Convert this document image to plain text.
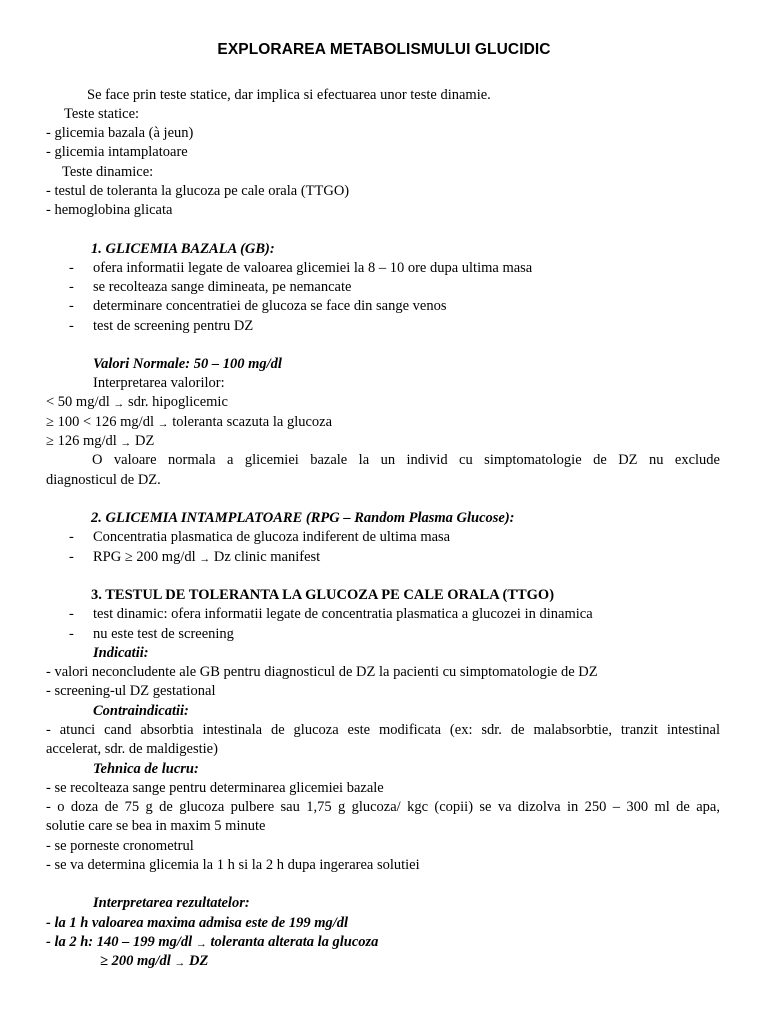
EXPLORAREA METABOLISMULUI GLUCIDIC
Se face prin teste statice, dar implica si efectuarea unor teste dinamie.
Teste statice:
- glicemia bazala (à jeun)
- glicemia intamplatoare
Teste dinamice:
- testul de toleranta la glucoza pe cale orala (TTGO)
- hemoglobina glicata
1. GLICEMIA BAZALA (GB):
- ofera informatii legate de valoarea glicemiei la 8 – 10 ore dupa ultima masa
- se recolteaza sange dimineata, pe nemancate
- determinare concentratiei de glucoza se face din sange venos
- test de screening pentru DZ
Valori Normale: 50 – 100 mg/dl
Interpretarea valorilor:
< 50 mg/dl → sdr. hipoglicemic
≥ 100 < 126 mg/dl → toleranta scazuta la glucoza
≥ 126 mg/dl → DZ
O valoare normala a glicemiei bazale la un individ cu simptomatologie de DZ nu exclude
diagnosticul de DZ.
2. GLICEMIA INTAMPLATOARE (RPG – Random Plasma Glucose):
- Concentratia plasmatica de glucoza indiferent de ultima masa
- RPG ≥ 200 mg/dl → Dz clinic manifest
3. TESTUL DE TOLERANTA LA GLUCOZA PE CALE ORALA (TTGO)
- test dinamic: ofera informatii legate de concentratia plasmatica a glucozei in dinamica
- nu este test de screening
Indicatii:
- valori neconcludente ale GB pentru diagnosticul de DZ la pacienti cu simptomatologie de DZ
- screening-ul DZ gestational
Contraindicatii:
- atunci cand absorbtia intestinala de glucoza este modificata (ex: sdr. de malabsorbtie, tranzit intestinal
accelerat, sdr. de maldigestie)
Tehnica de lucru:
- se recolteaza sange pentru determinarea glicemiei bazale
- o doza de 75 g de glucoza pulbere sau 1,75 g glucoza/ kgc (copii) se va dizolva in 250 – 300 ml de apa,
solutie care se bea in maxim 5 minute
- se porneste cronometrul
- se va determina glicemia la 1 h si la 2 h dupa ingerarea solutiei
Interpretarea rezultatelor:
- la 1 h valoarea maxima admisa este de 199 mg/dl
- la 2 h: 140 – 199 mg/dl → toleranta alterata la glucoza
≥ 200 mg/dl → DZ
